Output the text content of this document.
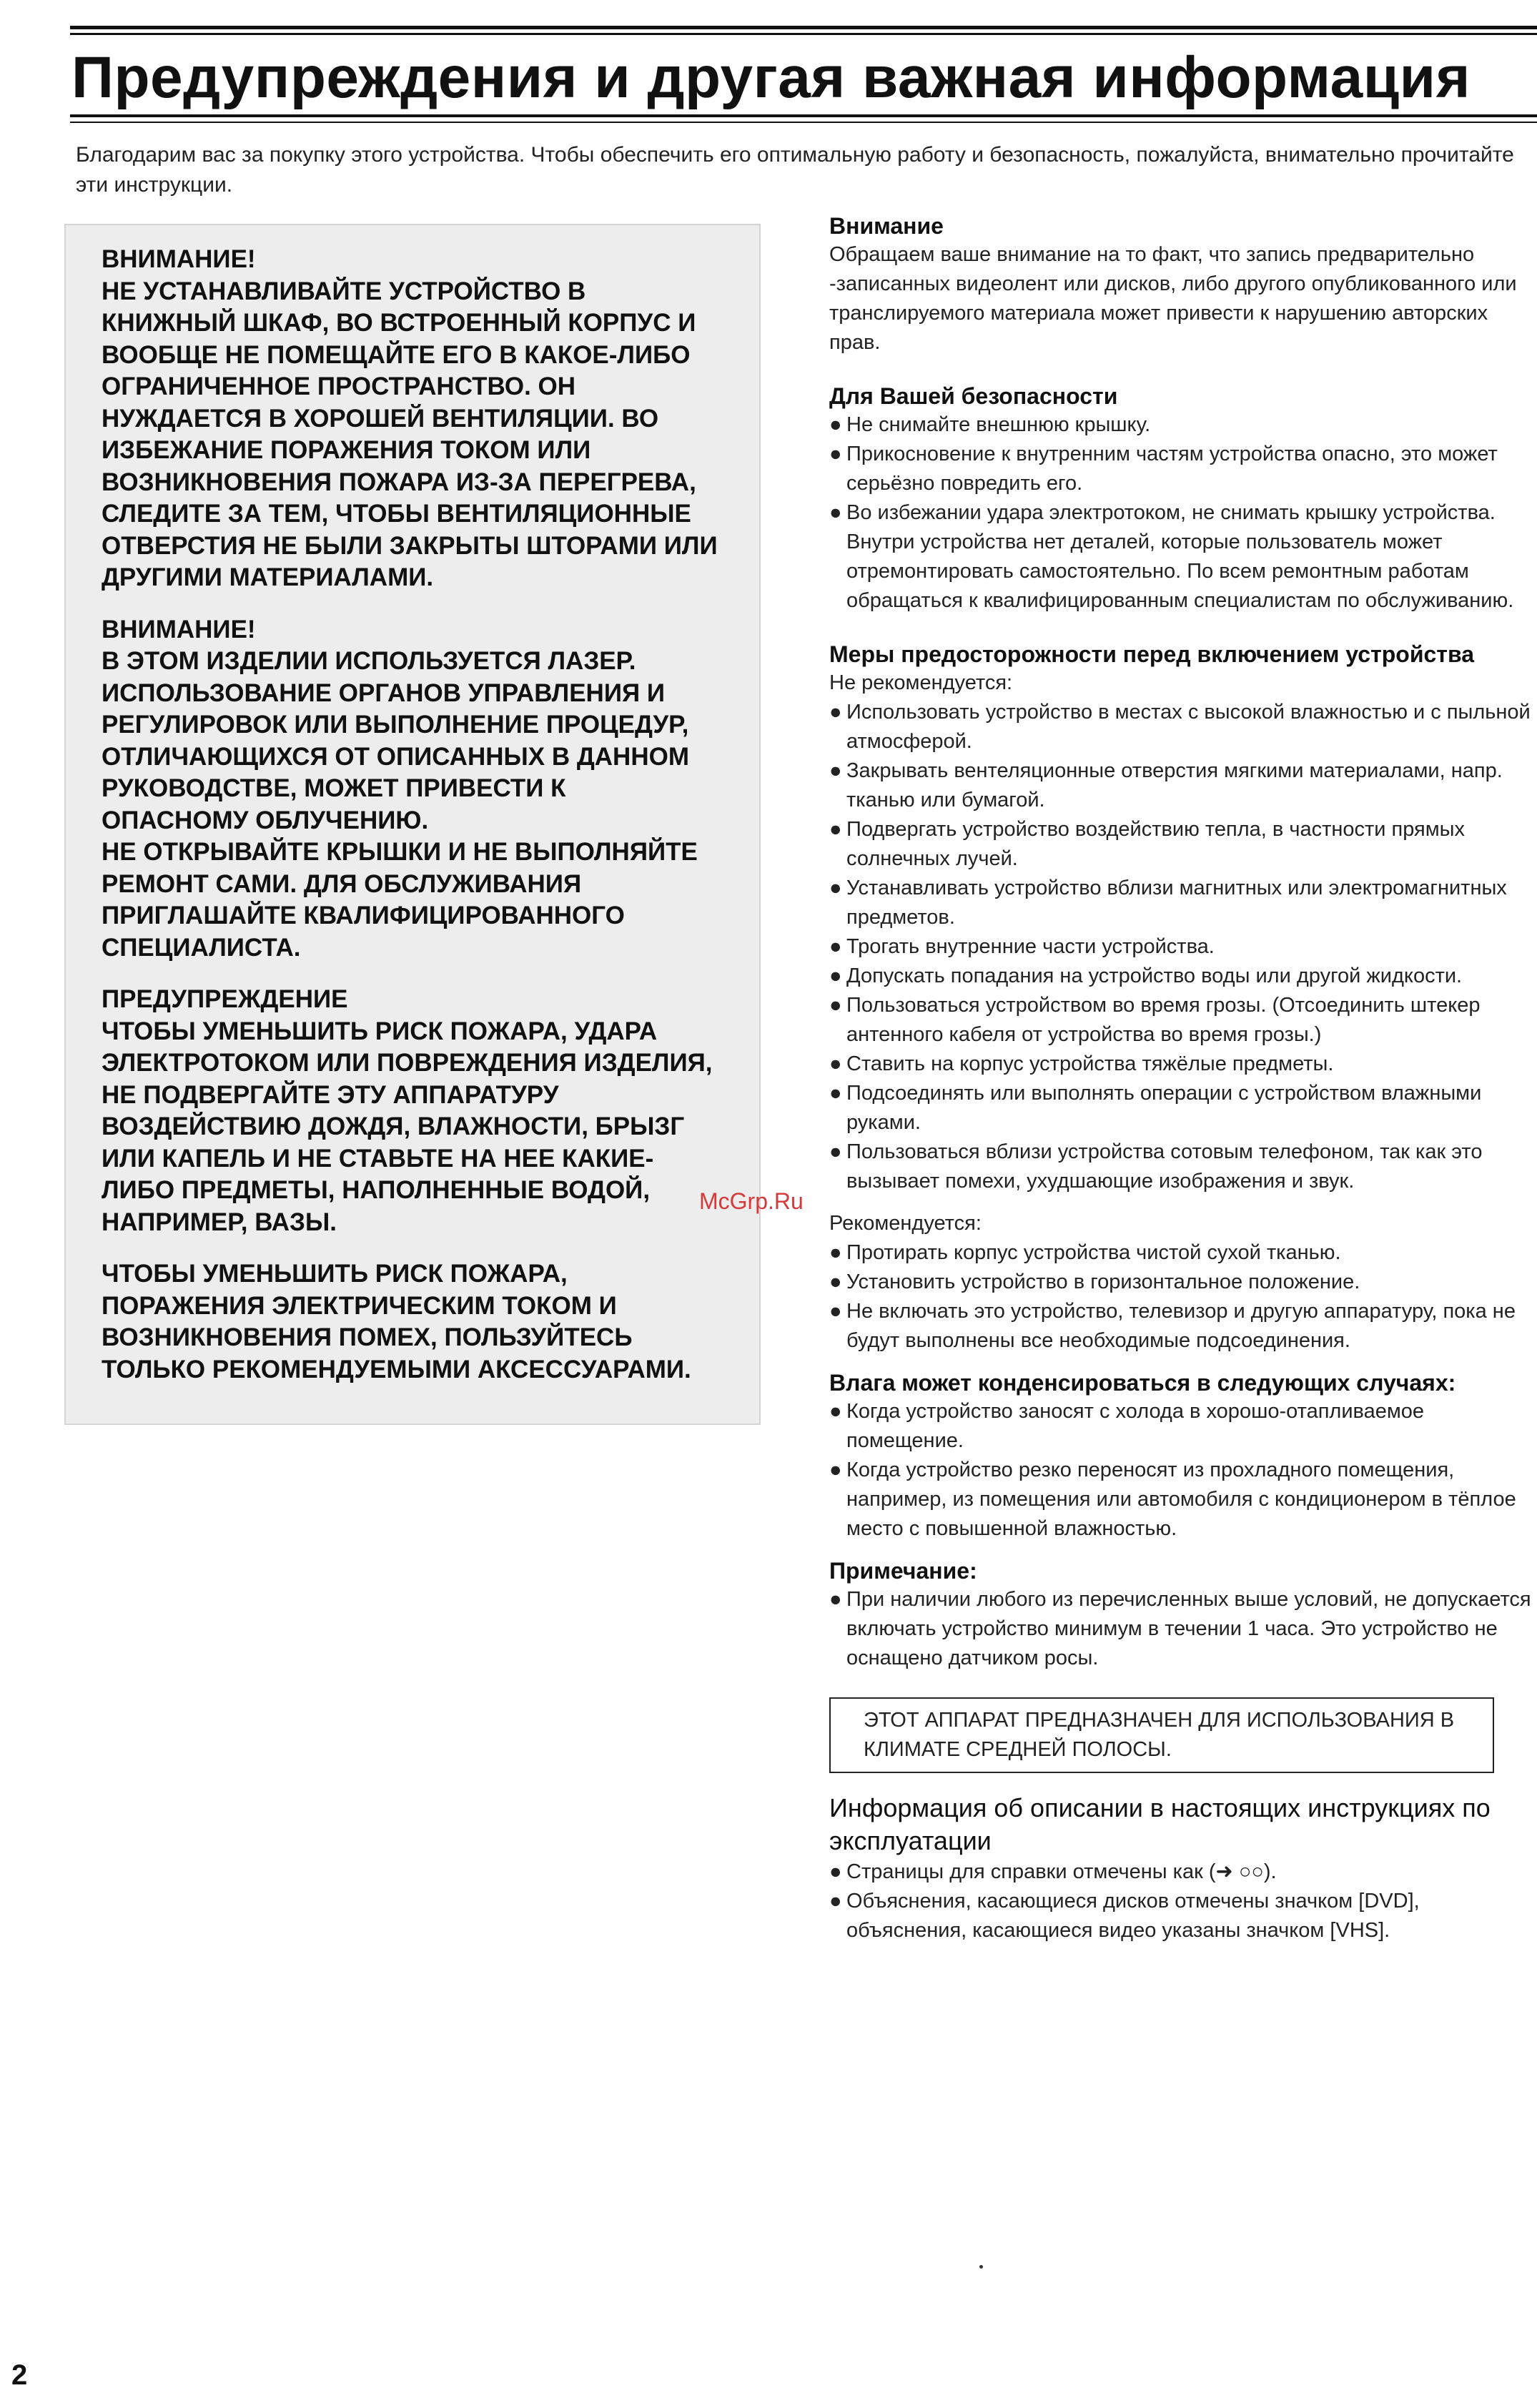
Предупреждения и другая важная информация

Благодарим вас за покупку этого устройства. Чтобы обеспечить его оптимальную работу и безопасность, пожалуйста, внимательно прочитайте эти инструкции.

ВНИМАНИЕ!

НЕ УСТАНАВЛИВАЙТЕ УСТРОЙСТВО В
КНИЖНЫЙ ШКАФ, ВО ВСТРОЕННЫЙ КОРПУС И
ВООБЩЕ НЕ ПОМЕЩАЙТЕ ЕГО В КАКОЕ-ЛИБО
ОГРАНИЧЕННОЕ ПРОСТРАНСТВО. ОН
НУЖДАЕТСЯ В ХОРОШЕЙ ВЕНТИЛЯЦИИ. ВО
ИЗБЕЖАНИЕ ПОРАЖЕНИЯ ТОКОМ ИЛИ
ВОЗНИКНОВЕНИЯ ПОЖАРА ИЗ-ЗА ПЕРЕГРЕВА,
СЛЕДИТЕ ЗА ТЕМ, ЧТОБЫ ВЕНТИЛЯЦИОННЫЕ
ОТВЕРСТИЯ НЕ БЫЛИ ЗАКРЫТЫ ШТОРАМИ ИЛИ
ДРУГИМИ МАТЕРИАЛАМИ.

ВНИМАНИЕ!

В ЭТОМ ИЗДЕЛИИ ИСПОЛЬЗУЕТСЯ ЛАЗЕР.
ИСПОЛЬЗОВАНИЕ ОРГАНОВ УПРАВЛЕНИЯ И
РЕГУЛИРОВОК ИЛИ ВЫПОЛНЕНИЕ ПРОЦЕДУР,
ОТЛИЧАЮЩИХСЯ ОТ ОПИСАННЫХ В ДАННОМ
РУКОВОДСТВЕ, МОЖЕТ ПРИВЕСТИ К
ОПАСНОМУ ОБЛУЧЕНИЮ.
НЕ ОТКРЫВАЙТЕ КРЫШКИ И НЕ ВЫПОЛНЯЙТЕ
РЕМОНТ САМИ. ДЛЯ ОБСЛУЖИВАНИЯ
ПРИГЛАШАЙТЕ КВАЛИФИЦИРОВАННОГО
СПЕЦИАЛИСТА.

ПРЕДУПРЕЖДЕНИЕ

ЧТОБЫ УМЕНЬШИТЬ РИСК ПОЖАРА, УДАРА
ЭЛЕКТРОТОКОМ ИЛИ ПОВРЕЖДЕНИЯ ИЗДЕЛИЯ,
НЕ ПОДВЕРГАЙТЕ ЭТУ АППАРАТУРУ
ВОЗДЕЙСТВИЮ ДОЖДЯ, ВЛАЖНОСТИ, БРЫЗГ
ИЛИ КАПЕЛЬ И НЕ СТАВЬТЕ НА НЕЕ КАКИЕ-
ЛИБО ПРЕДМЕТЫ, НАПОЛНЕННЫЕ ВОДОЙ,
НАПРИМЕР, ВАЗЫ.

ЧТОБЫ УМЕНЬШИТЬ РИСК ПОЖАРА,
ПОРАЖЕНИЯ ЭЛЕКТРИЧЕСКИМ ТОКОМ И
ВОЗНИКНОВЕНИЯ ПОМЕХ, ПОЛЬЗУЙТЕСЬ
ТОЛЬКО РЕКОМЕНДУЕМЫМИ АКСЕССУАРАМИ.

Внимание

Обращаем ваше внимание на то факт, что запись предварительно -записанных видеолент или дисков, либо другого опубликованного или транслируемого материала может привести к нарушению авторских прав.

Для Вашей безопасности
● Не снимайте внешнюю крышку.
● Прикосновение к внутренним частям устройства опасно, это может серьёзно повредить его.
● Во избежании удара электротоком, не снимать крышку устройства. Внутри устройства нет деталей, которые пользователь может отремонтировать самостоятельно. По всем ремонтным работам обращаться к квалифицированным специалистам по обслуживанию.
Меры предосторожности перед включением устройства

Не рекомендуется:

● Использовать устройство в местах с высокой влажностью и с пыльной атмосферой.
● Закрывать вентеляционные отверстия мягкими материалами, напр. тканью или бумагой.
● Подвергать устройство воздействию тепла, в частности прямых солнечных лучей.
● Устанавливать устройство вблизи магнитных или электромагнитных предметов.
● Трогать внутренние части устройства.
● Допускать попадания на устройство воды или другой жидкости.
● Пользоваться устройством во время грозы. (Отсоединить штекер антенного кабеля от устройства во время грозы.)
● Ставить на корпус устройства тяжёлые предметы.
● Подсоединять или выполнять операции с устройством влажными руками.
● Пользоваться вблизи устройства сотовым телефоном, так как это вызывает помехи, ухудшающие изображения и звук.

Рекомендуется:

● Протирать корпус устройства чистой сухой тканью.
● Установить устройство в горизонтальное положение.
● Не включать это устройство, телевизор и другую аппаратуру, пока не будут выполнены все необходимые подсоединения.
Влага может конденсироваться в следующих случаях:
● Когда устройство заносят с холода в хорошо-отапливаемое помещение.
● Когда устройство резко переносят из прохладного помещения, например, из помещения или автомобиля с кондиционером в тёплое место с повышенной влажностью.
Примечание:
● При наличии любого из перечисленных выше условий, не допускается включать устройство минимум в течении 1 часа. Это устройство не оснащено датчиком росы.
ЭТОТ АППАРАТ ПРЕДНАЗНАЧЕН ДЛЯ ИСПОЛЬЗОВАНИЯ В КЛИМАТЕ СРЕДНЕЙ ПОЛОСЫ.
Информация об описании в настоящих инструкциях по эксплуатации
● Страницы для справки отмечены как (➜ ○○).
● Объяснения, касающиеся дисков отмечены значком [DVD], объяснения, касающиеся видео указаны значком [VHS].
McGrp.Ru
2
